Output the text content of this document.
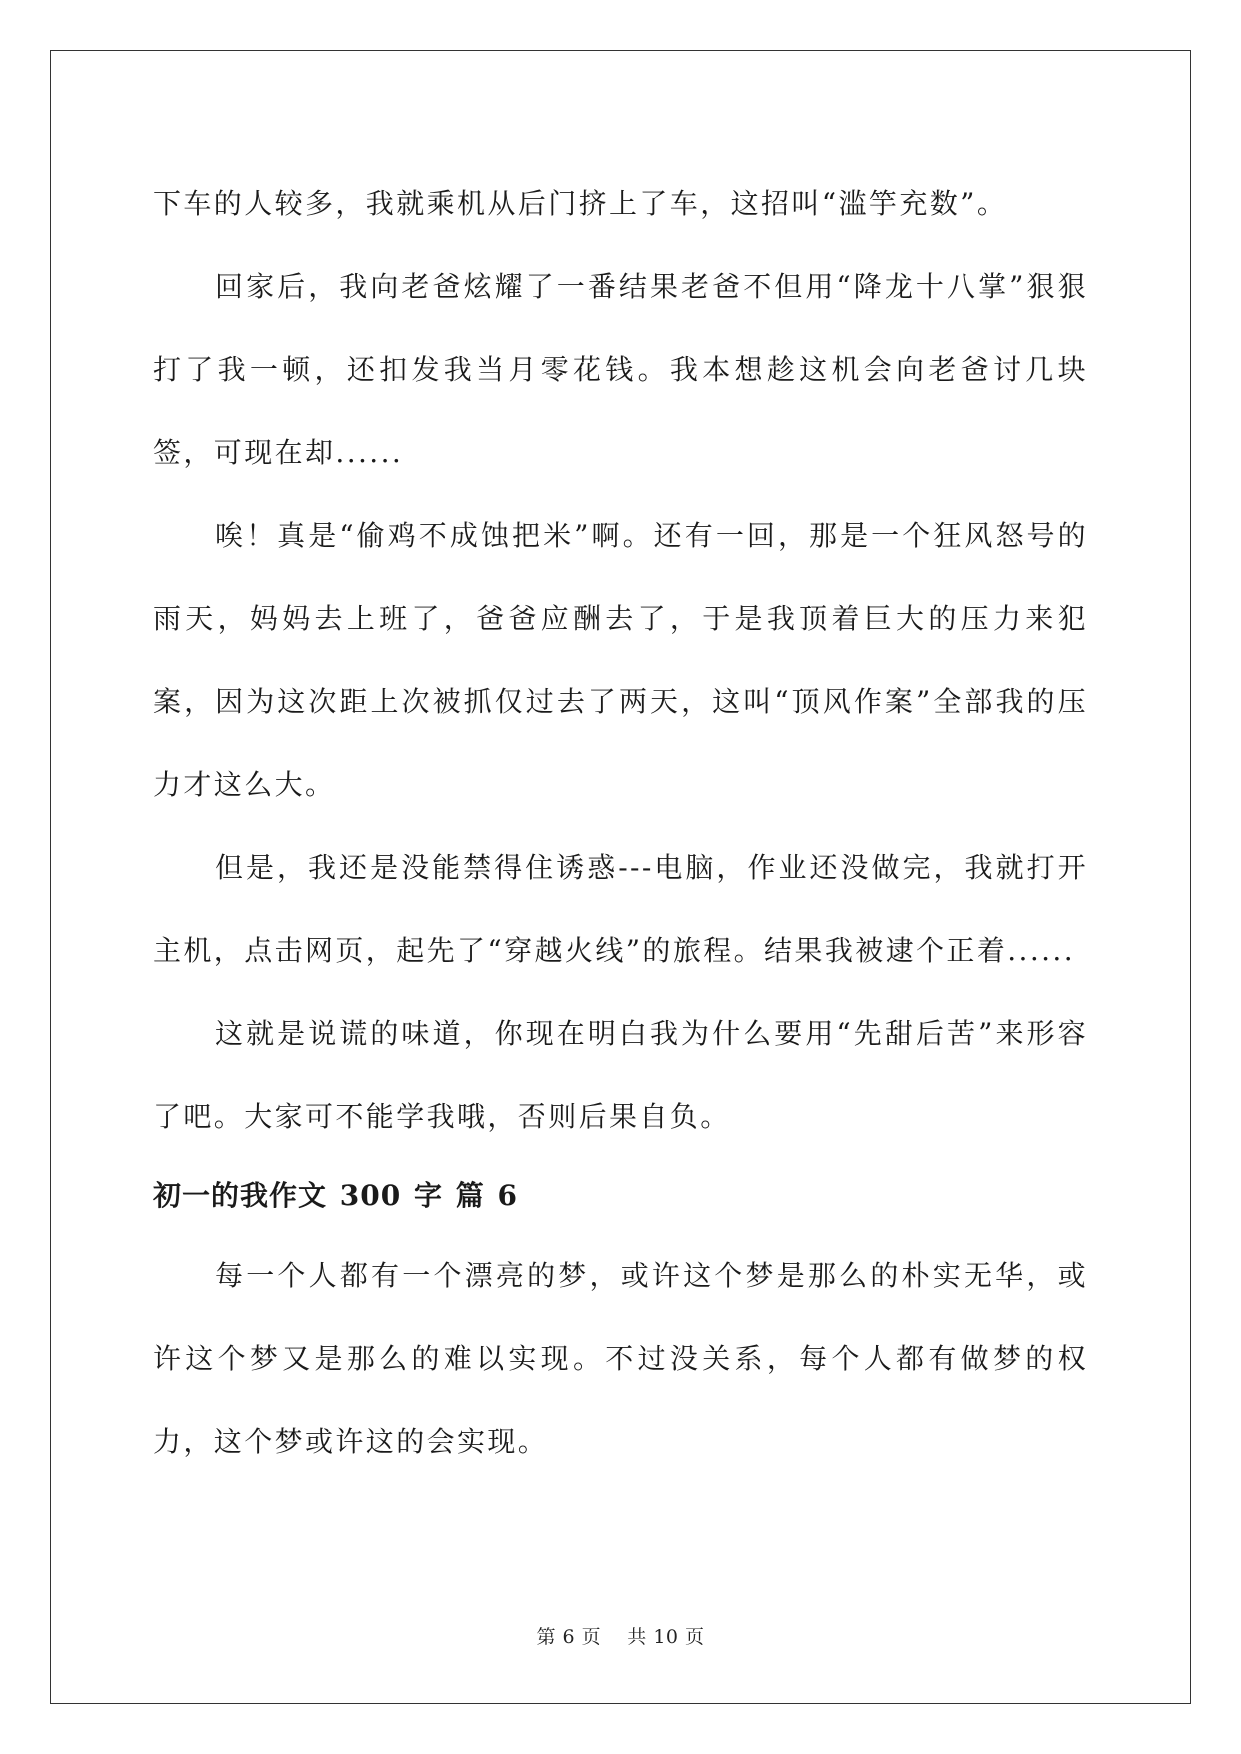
下车的人较多，我就乘机从后门挤上了车，这招叫“滥竽充数”。

回家后，我向老爸炫耀了一番结果老爸不但用“降龙十八掌”狠狠打了我一顿，还扣发我当月零花钱。我本想趁这机会向老爸讨几块签，可现在却......

唉！真是“偷鸡不成蚀把米”啊。还有一回，那是一个狂风怒号的雨天，妈妈去上班了，爸爸应酬去了，于是我顶着巨大的压力来犯案，因为这次距上次被抓仅过去了两天，这叫“顶风作案”全部我的压力才这么大。

但是，我还是没能禁得住诱惑---电脑，作业还没做完，我就打开主机，点击网页，起先了“穿越火线”的旅程。结果我被逮个正着......

这就是说谎的味道，你现在明白我为什么要用“先甜后苦”来形容了吧。大家可不能学我哦，否则后果自负。

初一的我作文 300 字 篇 6

每一个人都有一个漂亮的梦，或许这个梦是那么的朴实无华，或许这个梦又是那么的难以实现。不过没关系，每个人都有做梦的权力，这个梦或许这的会实现。

第 6 页    共 10 页
